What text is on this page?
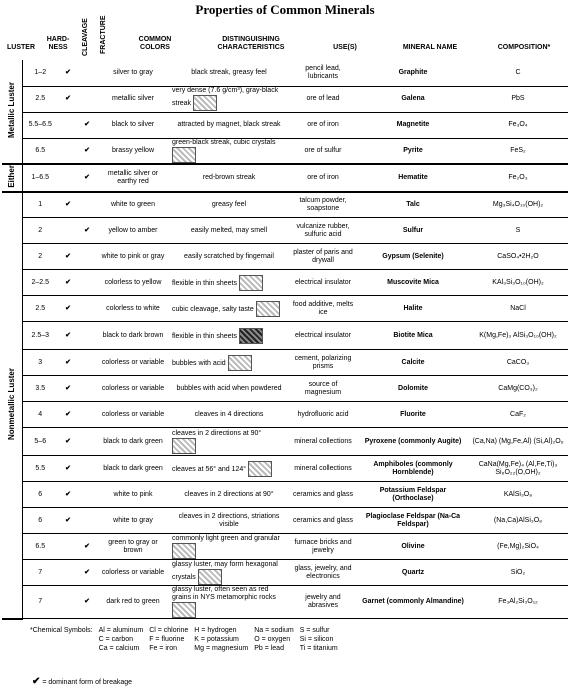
Properties of Common Minerals
LUSTER
HARD-
NESS	CLEAVAGE FRACTURE	COMMON
COLORS
DISTINGUISHING
CHARACTERISTICS	USE(S)	MINERAL NAME	COMPOSITION*
Metallic Luster	1–2	✔		silver to gray	black streak, greasy feel	pencil lead, lubricants	Graphite	C
	2.5	✔		metallic silver	very dense (7.6 g/cm³), gray-black streak	ore of lead	Galena	PbS
	5.5–6.5		✔	black to silver	attracted by magnet, black streak	ore of iron	Magnetite	Fe₃O₄
	6.5		✔	brassy yellow	green-black streak, cubic crystals	ore of sulfur	Pyrite	FeS₂
Either	1–6.5		✔	metallic silver or earthy red	red-brown streak	ore of iron	Hematite	Fe₂O₃
Nonmetallic Luster	1	✔		white to green	greasy feel	talcum powder, soapstone	Talc	Mg₃Si₄O₁₀(OH)₂
	2		✔	yellow to amber	easily melted, may smell	vulcanize rubber, sulfuric acid	Sulfur	S
	2	✔		white to pink or gray	easily scratched by fingernail	plaster of paris and drywall	Gypsum (Selenite)	CaSO₄•2H₂O
	2–2.5	✔		colorless to yellow	flexible in thin sheets	electrical insulator	Muscovite Mica	KAl₃Si₃O₁₀(OH)₂
	2.5	✔		colorless to white	cubic cleavage, salty taste	food additive, melts ice	Halite	NaCl
	2.5–3	✔		black to dark brown	flexible in thin sheets	electrical insulator	Biotite Mica	K(Mg,Fe)₃ AlSi₃O₁₀(OH)₂
	3	✔		colorless or variable	bubbles with acid	cement, polarizing prisms	Calcite	CaCO₃
	3.5	✔		colorless or variable	bubbles with acid when powdered	source of magnesium	Dolomite	CaMg(CO₃)₂
	4	✔		colorless or variable	cleaves in 4 directions	hydrofluoric acid	Fluorite	CaF₂
	5–6	✔		black to dark green	cleaves in 2 directions at 90°	mineral collections	Pyroxene (commonly Augite)	(Ca,Na) (Mg,Fe,Al) (Si,Al)₂O₆
	5.5	✔		black to dark green	cleaves at 56° and 124°	mineral collections	Amphiboles (commonly Hornblende)	CaNa(Mg,Fe)₄ (Al,Fe,Ti)₃ Si₆O₂₂(O,OH)₂
	6	✔		white to pink	cleaves in 2 directions at 90°	ceramics and glass	Potassium Feldspar (Orthoclase)	KAlSi₃O₈
	6	✔		white to gray	cleaves in 2 directions, striations visible	ceramics and glass	Plagioclase Feldspar (Na-Ca Feldspar)	(Na,Ca)AlSi₃O₈
	6.5		✔	green to gray or brown	commonly light green and granular	furnace bricks and jewelry	Olivine	(Fe,Mg)₂SiO₄
	7		✔	colorless or variable	glassy luster, may form hexagonal crystals	glass, jewelry, and electronics	Quartz	SiO₂
	7		✔	dark red to green	glassy luster, often seen as red grains in NYS metamorphic rocks	jewelry and abrasives	Garnet (commonly Almandine)	Fe₃Al₂Si₃O₁₂
*Chemical Symbols:	Al = aluminum	Cl = chlorine	H = hydrogen	Na = sodium	S = sulfur
	C = carbon	F = fluorine	K = potassium	O = oxygen	Si = silicon
	Ca = calcium	Fe = iron	Mg = magnesium	Pb = lead	Ti = titanium
✔ = dominant form of breakage
